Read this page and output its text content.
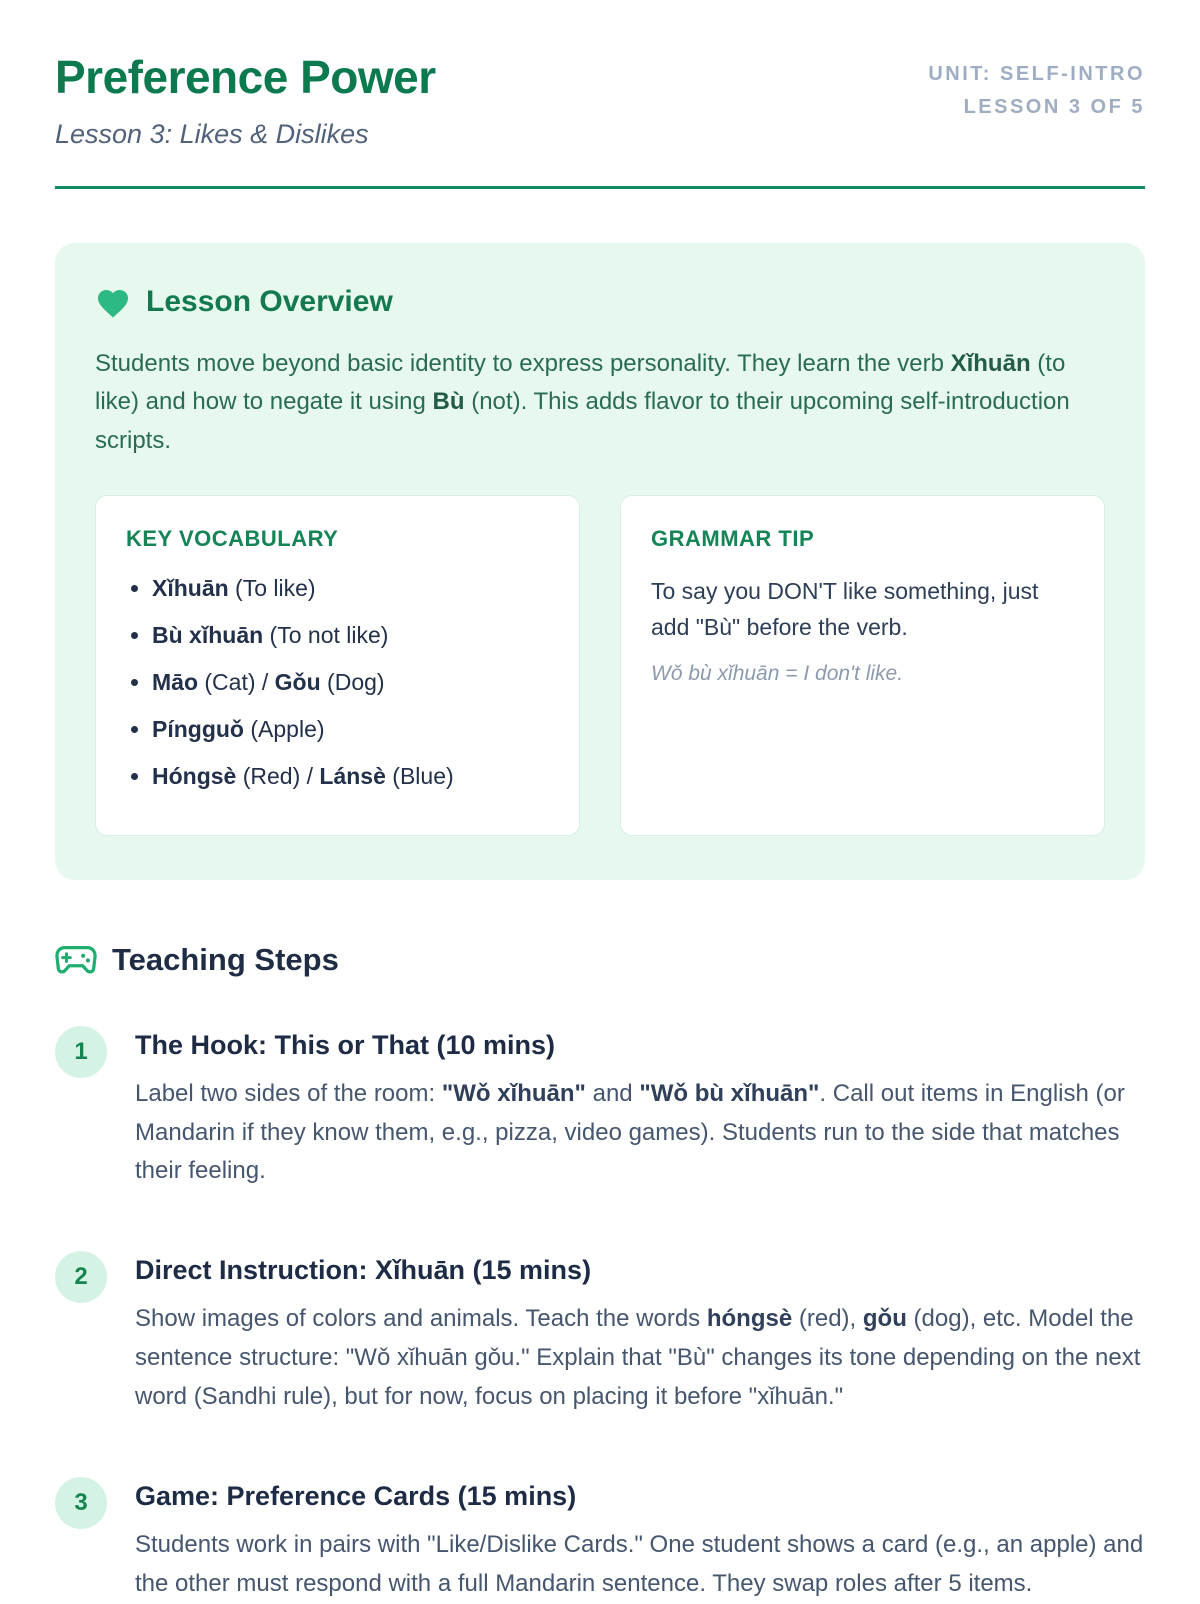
Preference Power
Lesson 3: Likes & Dislikes
UNIT: SELF-INTRO
LESSON 3 OF 5
Lesson Overview

Students move beyond basic identity to express personality. They learn the verb Xǐhuān (to like) and how to negate it using Bù (not). This adds flavor to their upcoming self-introduction scripts.

KEY VOCABULARY
• Xǐhuān (To like)
• Bù xǐhuān (To not like)
• Māo (Cat) / Gǒu (Dog)
• Píngguǒ (Apple)
• Hóngsè (Red) / Lánsè (Blue)
GRAMMAR TIP

To say you DON'T like something, just add "Bù" before the verb.

Wǒ bù xǐhuān = I don't like.

Teaching Steps
1	The Hook: This or That (10 mins)

Label two sides of the room: "Wǒ xǐhuān" and "Wǒ bù xǐhuān". Call out items in English (or Mandarin if they know them, e.g., pizza, video games). Students run to the side that matches their feeling.

2	Direct Instruction: Xǐhuān (15 mins)

Show images of colors and animals. Teach the words hóngsè (red), gǒu (dog), etc. Model the sentence structure: "Wǒ xǐhuān gǒu." Explain that "Bù" changes its tone depending on the next word (Sandhi rule), but for now, focus on placing it before "xǐhuān."

3	Game: Preference Cards (15 mins)

Students work in pairs with "Like/Dislike Cards." One student shows a card (e.g., an apple) and the other must respond with a full Mandarin sentence. They swap roles after 5 items.
